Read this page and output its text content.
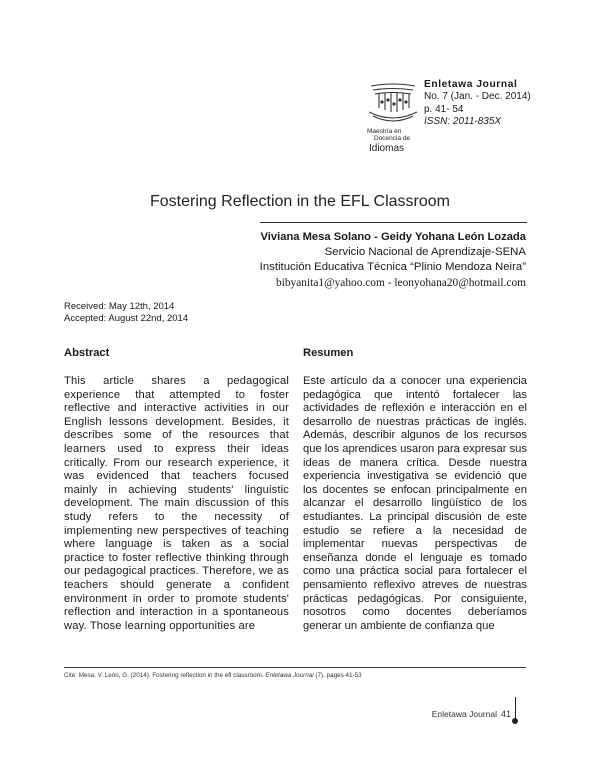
Maestría en
Docencia de
Idiomas
Enletawa Journal
No. 7 (Jan. - Dec. 2014)
p. 41- 54
ISSN: 2011-835X
Fostering Reflection in the EFL Classroom
Viviana Mesa Solano - Geidy Yohana León Lozada
Servicio Nacional de Aprendizaje-SENA
Institución Educativa Técnica “Plinio Mendoza Neira”
bibyanita1@yahoo.com - leonyohana20@hotmail.com
Received: May 12th, 2014
Accepted: August 22nd, 2014
Abstract	Resumen
This article shares a pedagogical experience that attempted to foster reflective and interactive activities in our English lessons development. Besides, it describes some of the resources that learners used to express their ideas critically. From our research experience, it was evidenced that teachers focused mainly in achieving students' linguistic development. The main discussion of this study refers to the necessity of implementing new perspectives of teaching where language is taken as a social practice to foster reflective thinking through our pedagogical practices. Therefore, we as teachers should generate a confident environment in order to promote students' reflection and interaction in a spontaneous way. Those learning opportunities are
Este artículo da a conocer una experiencia pedagógica que intentó fortalecer las actividades de reflexión e interacción en el desarrollo de nuestras prácticas de inglés. Además, describir algunos de los recursos que los aprendices usaron para expresar sus ideas de manera crítica. Desde nuestra experiencia investigativa se evidenció que los docentes se enfocan principalmente en alcanzar el desarrollo lingüístico de los estudiantes. La principal discusión de este estudio se refiere a la necesidad de implementar nuevas perspectivas de enseñanza donde el lenguaje es tomado como una práctica social para fortalecer el pensamiento reflexivo atreves de nuestras prácticas pedagógicas. Por consiguiente, nosotros como docentes deberíamos generar un ambiente de confianza que
Cite: Mesa, V. León, G. (2014). Fostering reflection in the efl classroom. Enletawa Journal (7), pages 41-53
Enletawa Journal 41
